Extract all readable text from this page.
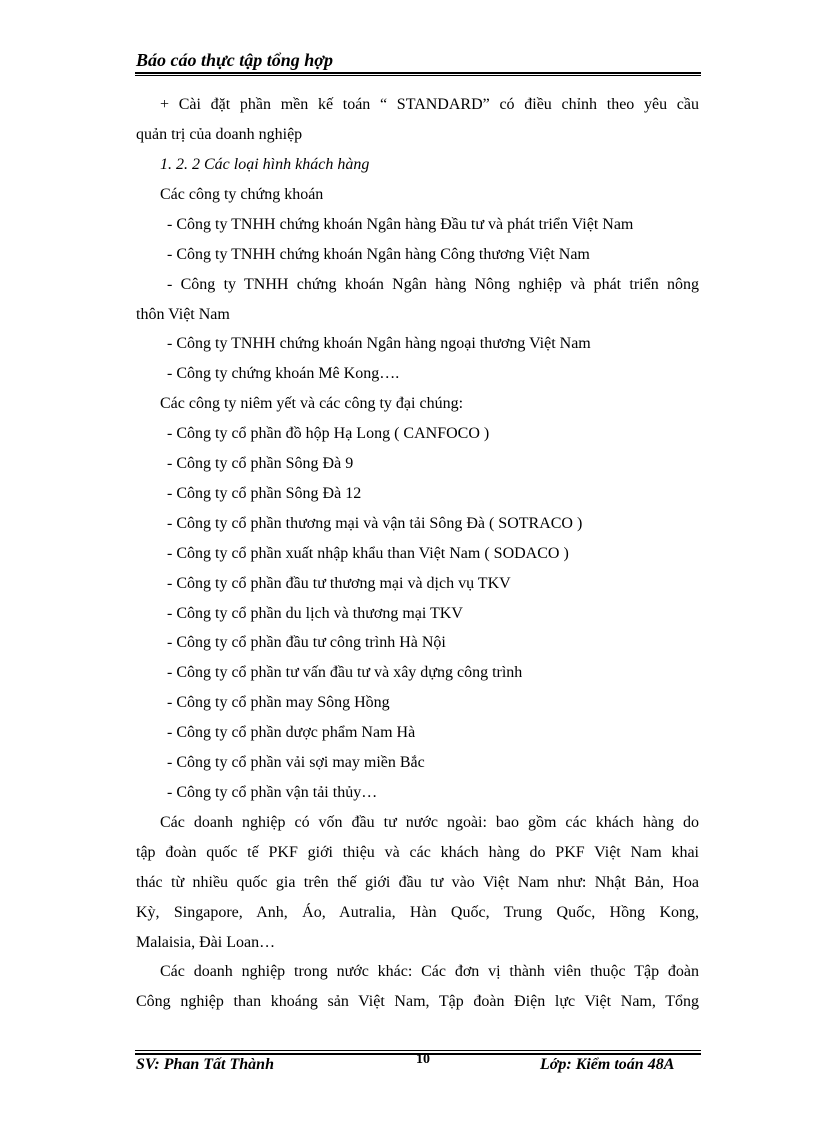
Báo cáo thực tập tổng hợp
+ Cài đặt phần mền kế toán “ STANDARD” có điều chỉnh theo yêu cầu
quản trị của doanh nghiệp
1. 2. 2 Các loại hình khách hàng
Các công ty chứng khoán
- Công ty TNHH chứng khoán Ngân hàng Đầu tư và phát triển Việt Nam
- Công ty TNHH chứng khoán Ngân hàng Công thương Việt Nam
- Công ty TNHH chứng khoán Ngân hàng Nông nghiệp và phát triển nông
thôn Việt Nam
- Công ty TNHH chứng khoán Ngân hàng ngoại thương Việt Nam
- Công ty chứng khoán Mê Kong….
Các công ty niêm yết và các công ty đại chúng:
- Công ty cổ phần đồ hộp Hạ Long ( CANFOCO )
- Công ty cổ phần Sông Đà 9
- Công ty cổ phần Sông Đà 12
- Công ty cổ phần thương mại và vận tải Sông Đà ( SOTRACO )
- Công ty cổ phần xuất nhập khẩu than Việt Nam ( SODACO )
- Công ty cổ phần đầu tư thương mại và dịch vụ TKV
- Công ty cổ phần du lịch và thương mại TKV
- Công ty cổ phần đầu tư công trình Hà Nội
- Công ty cổ phần tư vấn đầu tư và xây dựng công trình
- Công ty cổ phần may Sông Hồng
- Công ty cổ phần dược phẩm Nam Hà
- Công ty cổ phần vải sợi may miền Bắc
- Công ty cổ phần vận tải thủy…
Các doanh nghiệp có vốn đầu tư nước ngoài: bao gồm các khách hàng do
tập đoàn quốc tế PKF giới thiệu và các khách hàng do PKF Việt Nam khai
thác từ nhiều quốc gia trên thế giới đầu tư vào Việt Nam như: Nhật Bản, Hoa
Kỳ, Singapore, Anh, Áo, Autralia, Hàn Quốc, Trung Quốc, Hồng Kong,
Malaisia, Đài Loan…
Các doanh nghiệp trong nước khác: Các đơn vị thành viên thuộc Tập đoàn
Công nghiệp than khoáng sản Việt Nam, Tập đoàn Điện lực Việt Nam, Tổng
SV: Phan Tất Thành	10	Lớp: Kiểm toán 48A
